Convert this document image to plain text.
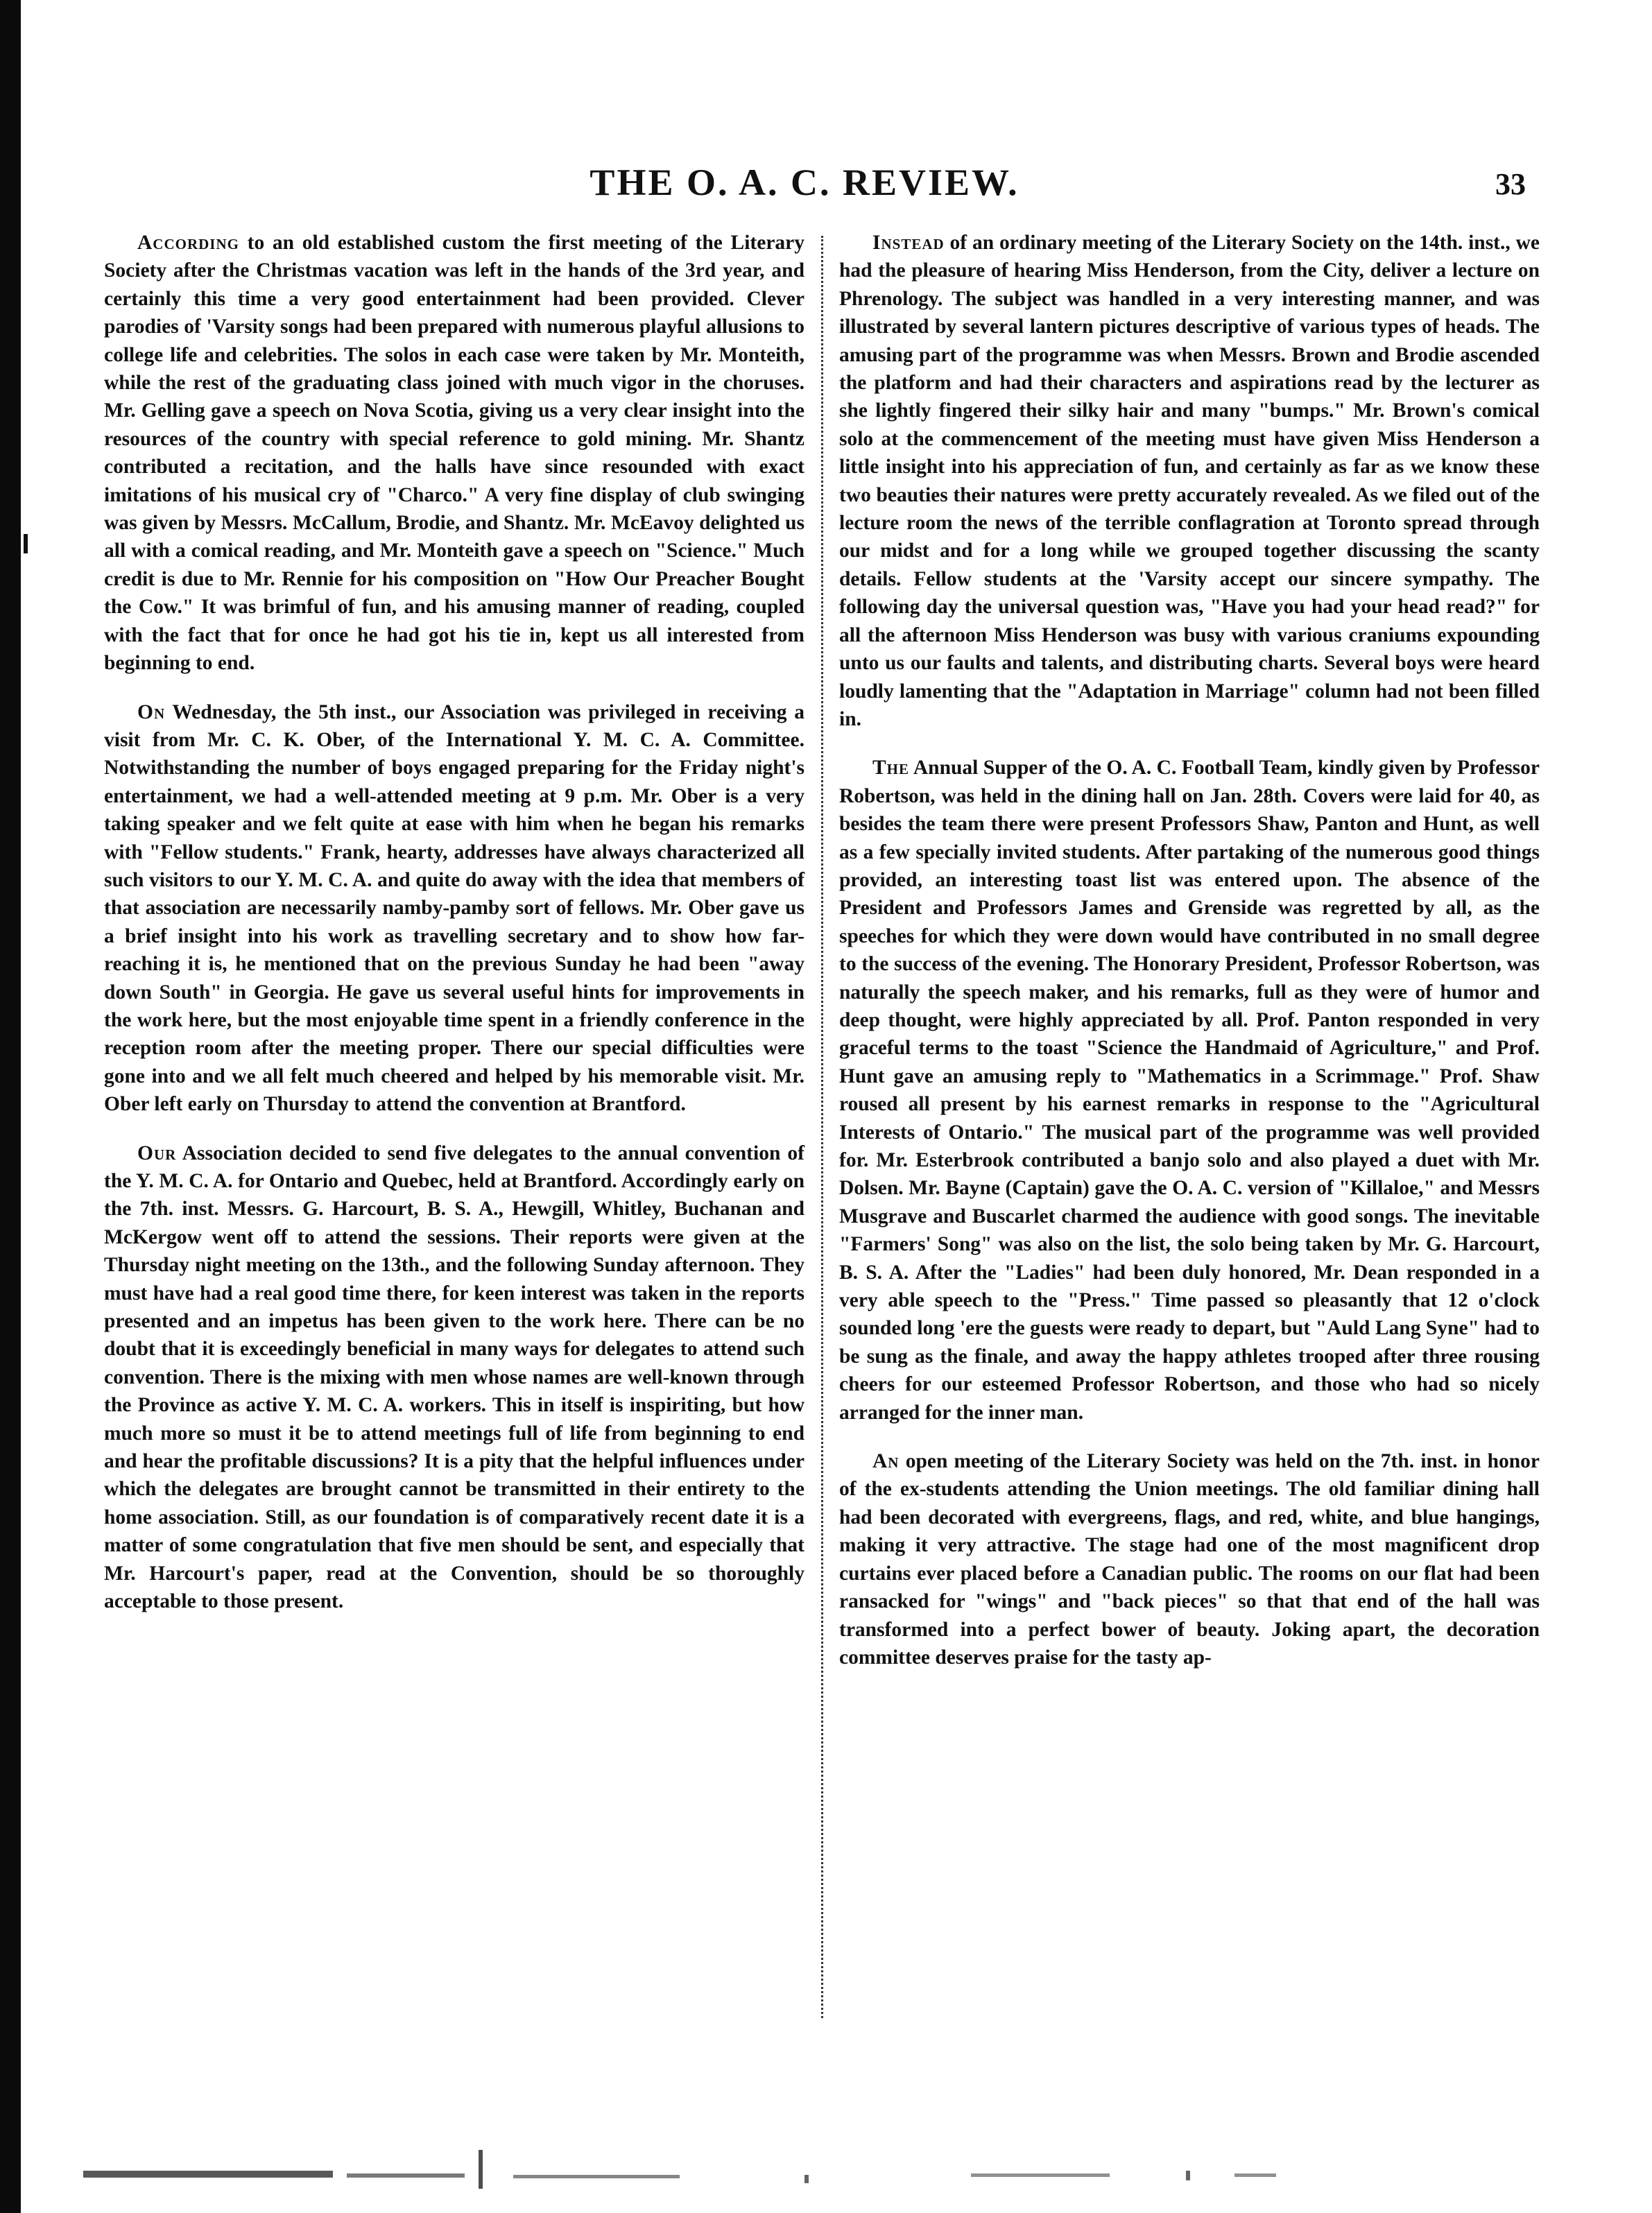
THE O. A. C. REVIEW.	33

According to an old established custom the first meeting of the Literary Society after the Christmas vacation was left in the hands of the 3rd year, and certainly this time a very good entertainment had been provided. Clever parodies of 'Varsity songs had been prepared with numerous playful allusions to college life and celebrities. The solos in each case were taken by Mr. Monteith, while the rest of the graduating class joined with much vigor in the choruses. Mr. Gelling gave a speech on Nova Scotia, giving us a very clear insight into the resources of the country with special reference to gold mining. Mr. Shantz contributed a recitation, and the halls have since resounded with exact imitations of his musical cry of "Charco." A very fine display of club swinging was given by Messrs. McCallum, Brodie, and Shantz. Mr. McEavoy delighted us all with a comical reading, and Mr. Monteith gave a speech on "Science." Much credit is due to Mr. Rennie for his composition on "How Our Preacher Bought the Cow." It was brimful of fun, and his amusing manner of reading, coupled with the fact that for once he had got his tie in, kept us all interested from beginning to end.

On Wednesday, the 5th inst., our Association was privileged in receiving a visit from Mr. C. K. Ober, of the International Y. M. C. A. Committee. Notwithstanding the number of boys engaged preparing for the Friday night's entertainment, we had a well-attended meeting at 9 p.m. Mr. Ober is a very taking speaker and we felt quite at ease with him when he began his remarks with "Fellow students." Frank, hearty, addresses have always characterized all such visitors to our Y. M. C. A. and quite do away with the idea that members of that association are necessarily namby-pamby sort of fellows. Mr. Ober gave us a brief insight into his work as travelling secretary and to show how far-reaching it is, he mentioned that on the previous Sunday he had been "away down South" in Georgia. He gave us several useful hints for improvements in the work here, but the most enjoyable time spent in a friendly conference in the reception room after the meeting proper. There our special difficulties were gone into and we all felt much cheered and helped by his memorable visit. Mr. Ober left early on Thursday to attend the convention at Brantford.

Our Association decided to send five delegates to the annual convention of the Y. M. C. A. for Ontario and Quebec, held at Brantford. Accordingly early on the 7th. inst. Messrs. G. Harcourt, B. S. A., Hewgill, Whitley, Buchanan and McKergow went off to attend the sessions. Their reports were given at the Thursday night meeting on the 13th., and the following Sunday afternoon. They must have had a real good time there, for keen interest was taken in the reports presented and an impetus has been given to the work here. There can be no doubt that it is exceedingly beneficial in many ways for delegates to attend such convention. There is the mixing with men whose names are well-known through the Province as active Y. M. C. A. workers. This in itself is inspiriting, but how much more so must it be to attend meetings full of life from beginning to end and hear the profitable discussions? It is a pity that the helpful influences under which the delegates are brought cannot be transmitted in their entirety to the home association. Still, as our foundation is of comparatively recent date it is a matter of some congratulation that five men should be sent, and especially that Mr. Harcourt's paper, read at the Convention, should be so thoroughly acceptable to those present.

Instead of an ordinary meeting of the Literary Society on the 14th. inst., we had the pleasure of hearing Miss Henderson, from the City, deliver a lecture on Phrenology. The subject was handled in a very interesting manner, and was illustrated by several lantern pictures descriptive of various types of heads. The amusing part of the programme was when Messrs. Brown and Brodie ascended the platform and had their characters and aspirations read by the lecturer as she lightly fingered their silky hair and many "bumps." Mr. Brown's comical solo at the commencement of the meeting must have given Miss Henderson a little insight into his appreciation of fun, and certainly as far as we know these two beauties their natures were pretty accurately revealed. As we filed out of the lecture room the news of the terrible conflagration at Toronto spread through our midst and for a long while we grouped together discussing the scanty details. Fellow students at the 'Varsity accept our sincere sympathy. The following day the universal question was, "Have you had your head read?" for all the afternoon Miss Henderson was busy with various craniums expounding unto us our faults and talents, and distributing charts. Several boys were heard loudly lamenting that the "Adaptation in Marriage" column had not been filled in.

The Annual Supper of the O. A. C. Football Team, kindly given by Professor Robertson, was held in the dining hall on Jan. 28th. Covers were laid for 40, as besides the team there were present Professors Shaw, Panton and Hunt, as well as a few specially invited students. After partaking of the numerous good things provided, an interesting toast list was entered upon. The absence of the President and Professors James and Grenside was regretted by all, as the speeches for which they were down would have contributed in no small degree to the success of the evening. The Honorary President, Professor Robertson, was naturally the speech maker, and his remarks, full as they were of humor and deep thought, were highly appreciated by all. Prof. Panton responded in very graceful terms to the toast "Science the Handmaid of Agriculture," and Prof. Hunt gave an amusing reply to "Mathematics in a Scrimmage." Prof. Shaw roused all present by his earnest remarks in response to the "Agricultural Interests of Ontario." The musical part of the programme was well provided for. Mr. Esterbrook contributed a banjo solo and also played a duet with Mr. Dolsen. Mr. Bayne (Captain) gave the O. A. C. version of "Killaloe," and Messrs Musgrave and Buscarlet charmed the audience with good songs. The inevitable "Farmers' Song" was also on the list, the solo being taken by Mr. G. Harcourt, B. S. A. After the "Ladies" had been duly honored, Mr. Dean responded in a very able speech to the "Press." Time passed so pleasantly that 12 o'clock sounded long 'ere the guests were ready to depart, but "Auld Lang Syne" had to be sung as the finale, and away the happy athletes trooped after three rousing cheers for our esteemed Professor Robertson, and those who had so nicely arranged for the inner man.

An open meeting of the Literary Society was held on the 7th. inst. in honor of the ex-students attending the Union meetings. The old familiar dining hall had been decorated with evergreens, flags, and red, white, and blue hangings, making it very attractive. The stage had one of the most magnificent drop curtains ever placed before a Canadian public. The rooms on our flat had been ransacked for "wings" and "back pieces" so that that end of the hall was transformed into a perfect bower of beauty. Joking apart, the decoration committee deserves praise for the tasty ap-
